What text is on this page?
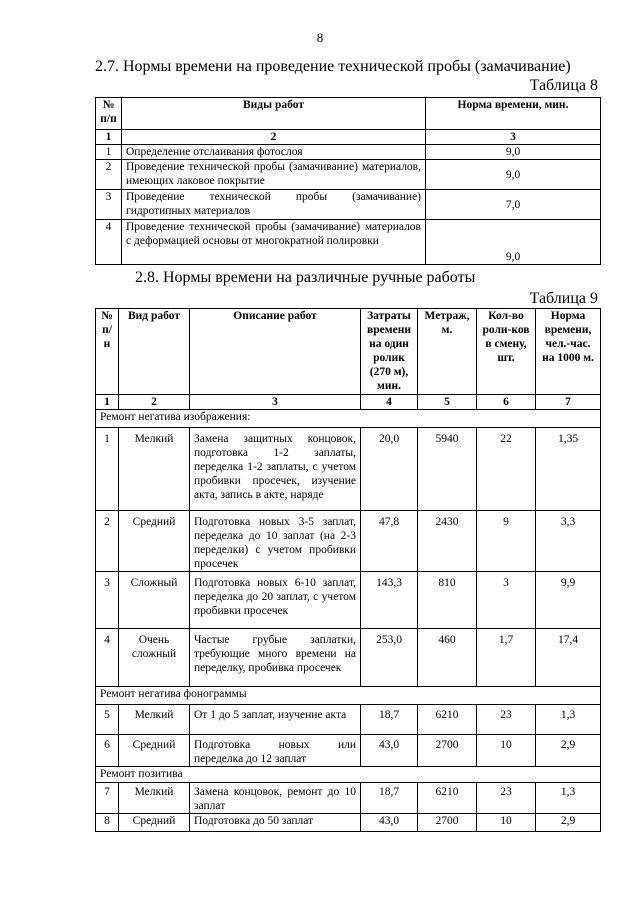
8
2.7. Нормы времени на проведение технической пробы (замачивание)
Таблица 8
№ п/п	Виды работ	Норма времени, мин.
1	2	3
1	Определение отслаивания фотослоя	9,0
2	Проведение технической пробы (замачивание) материалов, имеющих лаковое покрытие	9,0
3	Проведение технической пробы (замачивание) гидротипных материалов	7,0
4	Проведение технической пробы (замачивание) материалов с деформацией основы от многократной полировки	9,0
2.8. Нормы времени на различные ручные работы
Таблица 9
№ п/н	Вид работ	Описание работ	Затраты времени на один ролик (270 м), мин.	Метраж, м.	Кол-во роли-ков в смену, шт.	Норма времени, чел.-час. на 1000 м.
1	2	3	4	5	6	7
Ремонт негатива изображения:						
1	Мелкий	Замена защитных концовок, подготовка 1-2 заплаты, переделка 1-2 заплаты, с учетом пробивки просечек, изучение акта, запись в акте, наряде	20,0	5940	22	1,35
2	Средний	Подготовка новых 3-5 заплат, переделка до 10 заплат (на 2-3 переделки) с учетом пробивки просечек	47,8	2430	9	3,3
3	Сложный	Подготовка новых 6-10 заплат, переделка до 20 заплат, с учетом пробивки просечек	143,3	810	3	9,9
4	Очень сложный	Частые грубые заплатки, требующие много времени на переделку, пробивка просечек	253,0	460	1,7	17,4
Ремонт негатива фонограммы						
5	Мелкий	От 1 до 5 заплат, изучение акта	18,7	6210	23	1,3
6	Средний	Подготовка новых или переделка до 12 заплат	43,0	2700	10	2,9
Ремонт позитива						
7	Мелкий	Замена концовок, ремонт до 10 заплат	18,7	6210	23	1,3
8	Средний	Подготовка до 50 заплат	43,0	2700	10	2,9
